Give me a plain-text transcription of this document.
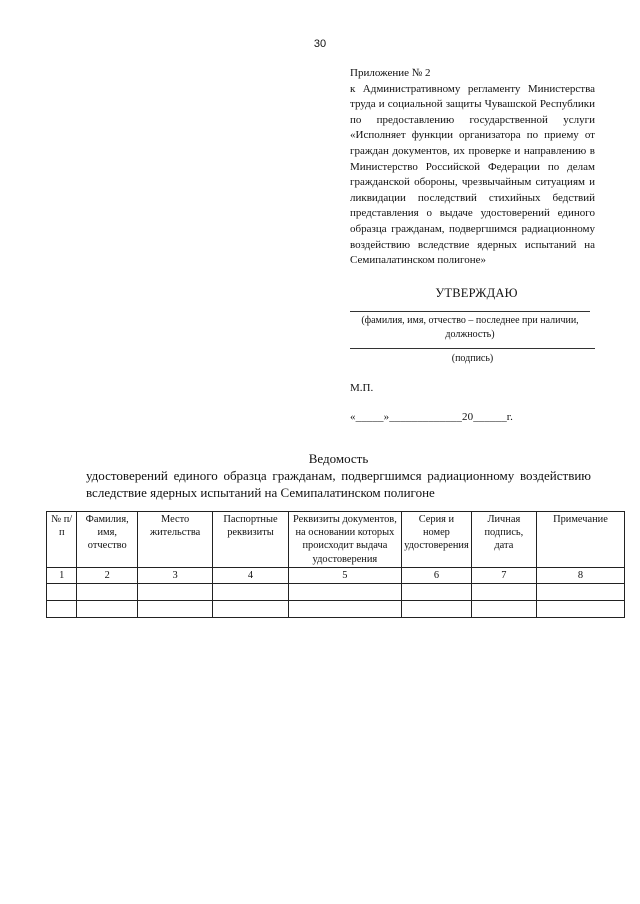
30
Приложение № 2
к Административному регламенту Министерства труда и социальной защиты Чувашской Республики по предоставлению государственной услуги «Исполняет функции организатора по приему от граждан документов, их проверке и направлению в Министерство Российской Федерации по делам гражданской обороны, чрезвычайным ситуациям и ликвидации последствий стихийных бедствий представления о выдаче удостоверений единого образца гражданам, подвергшимся радиационному воздействию вследствие ядерных испытаний на Семипалатинском полигоне»
УТВЕРЖДАЮ
(фамилия, имя, отчество – последнее при наличии, должность)
(подпись)
М.П.
«_____»_____________20______г.
Ведомость
удостоверений единого образца гражданам, подвергшимся радиационному воздействию вследствие ядерных испытаний на Семипалатинском полигоне
№ п/п	Фамилия, имя, отчество	Место жительства	Паспортные реквизиты	Реквизиты документов, на основании которых происходит выдача удостоверения	Серия и номер удостоверения	Личная подпись, дата	Примечание
1	2	3	4	5	6	7	8
